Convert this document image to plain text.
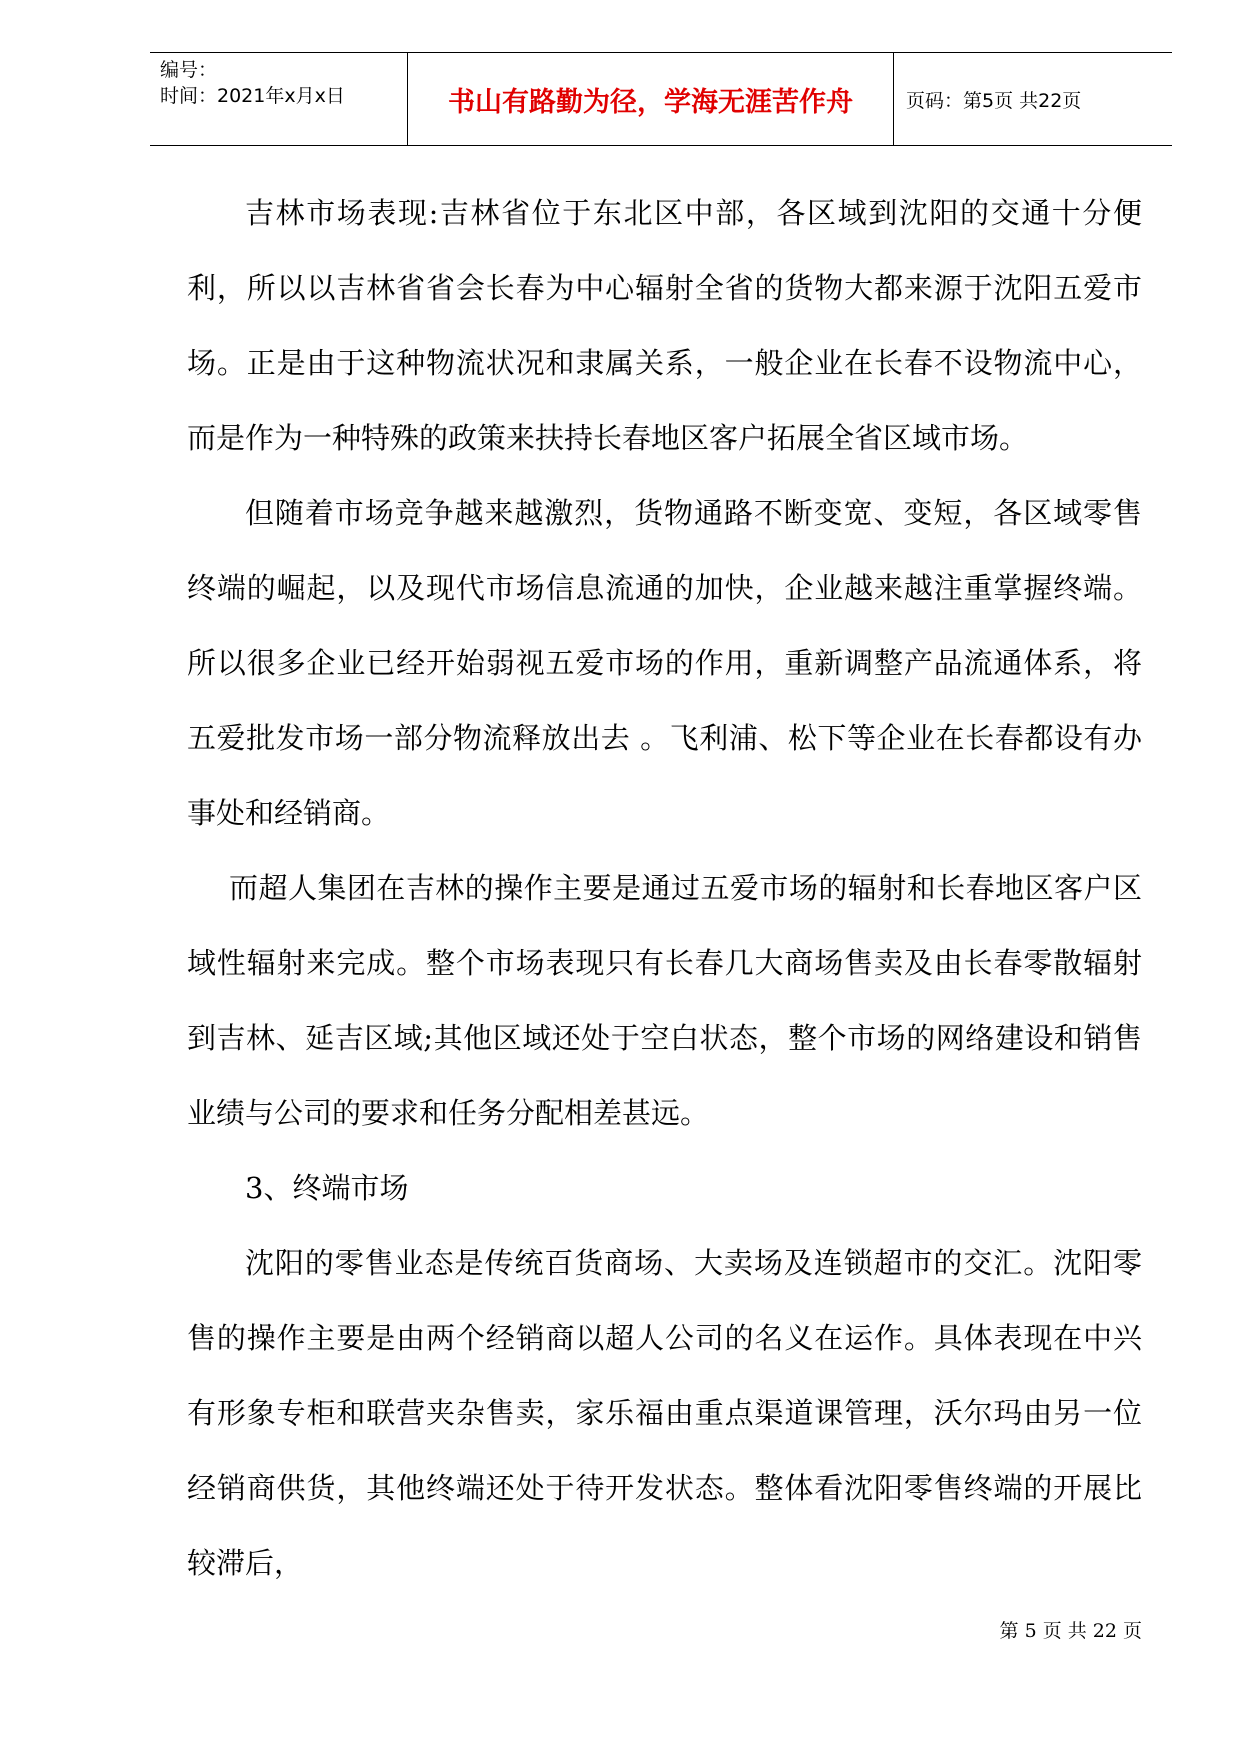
编号：
时间：2021年x月x日	书山有路勤为径，学海无涯苦作舟	页码：第5页 共22页

吉林市场表现:吉林省位于东北区中部，各区域到沈阳的交通十分便利，所以以吉林省省会长春为中心辐射全省的货物大都来源于沈阳五爱市场。正是由于这种物流状况和隶属关系，一般企业在长春不设物流中心，而是作为一种特殊的政策来扶持长春地区客户拓展全省区域市场。

但随着市场竞争越来越激烈，货物通路不断变宽、变短，各区域零售终端的崛起，以及现代市场信息流通的加快，企业越来越注重掌握终端。所以很多企业已经开始弱视五爱市场的作用，重新调整产品流通体系，将五爱批发市场一部分物流释放出去 。飞利浦、松下等企业在长春都设有办事处和经销商。

而超人集团在吉林的操作主要是通过五爱市场的辐射和长春地区客户区域性辐射来完成。整个市场表现只有长春几大商场售卖及由长春零散辐射到吉林、延吉区域;其他区域还处于空白状态，整个市场的网络建设和销售业绩与公司的要求和任务分配相差甚远。

3、终端市场

沈阳的零售业态是传统百货商场、大卖场及连锁超市的交汇。沈阳零售的操作主要是由两个经销商以超人公司的名义在运作。具体表现在中兴有形象专柜和联营夹杂售卖，家乐福由重点渠道课管理，沃尔玛由另一位经销商供货，其他终端还处于待开发状态。整体看沈阳零售终端的开展比较滞后，

第 5 页 共 22 页
